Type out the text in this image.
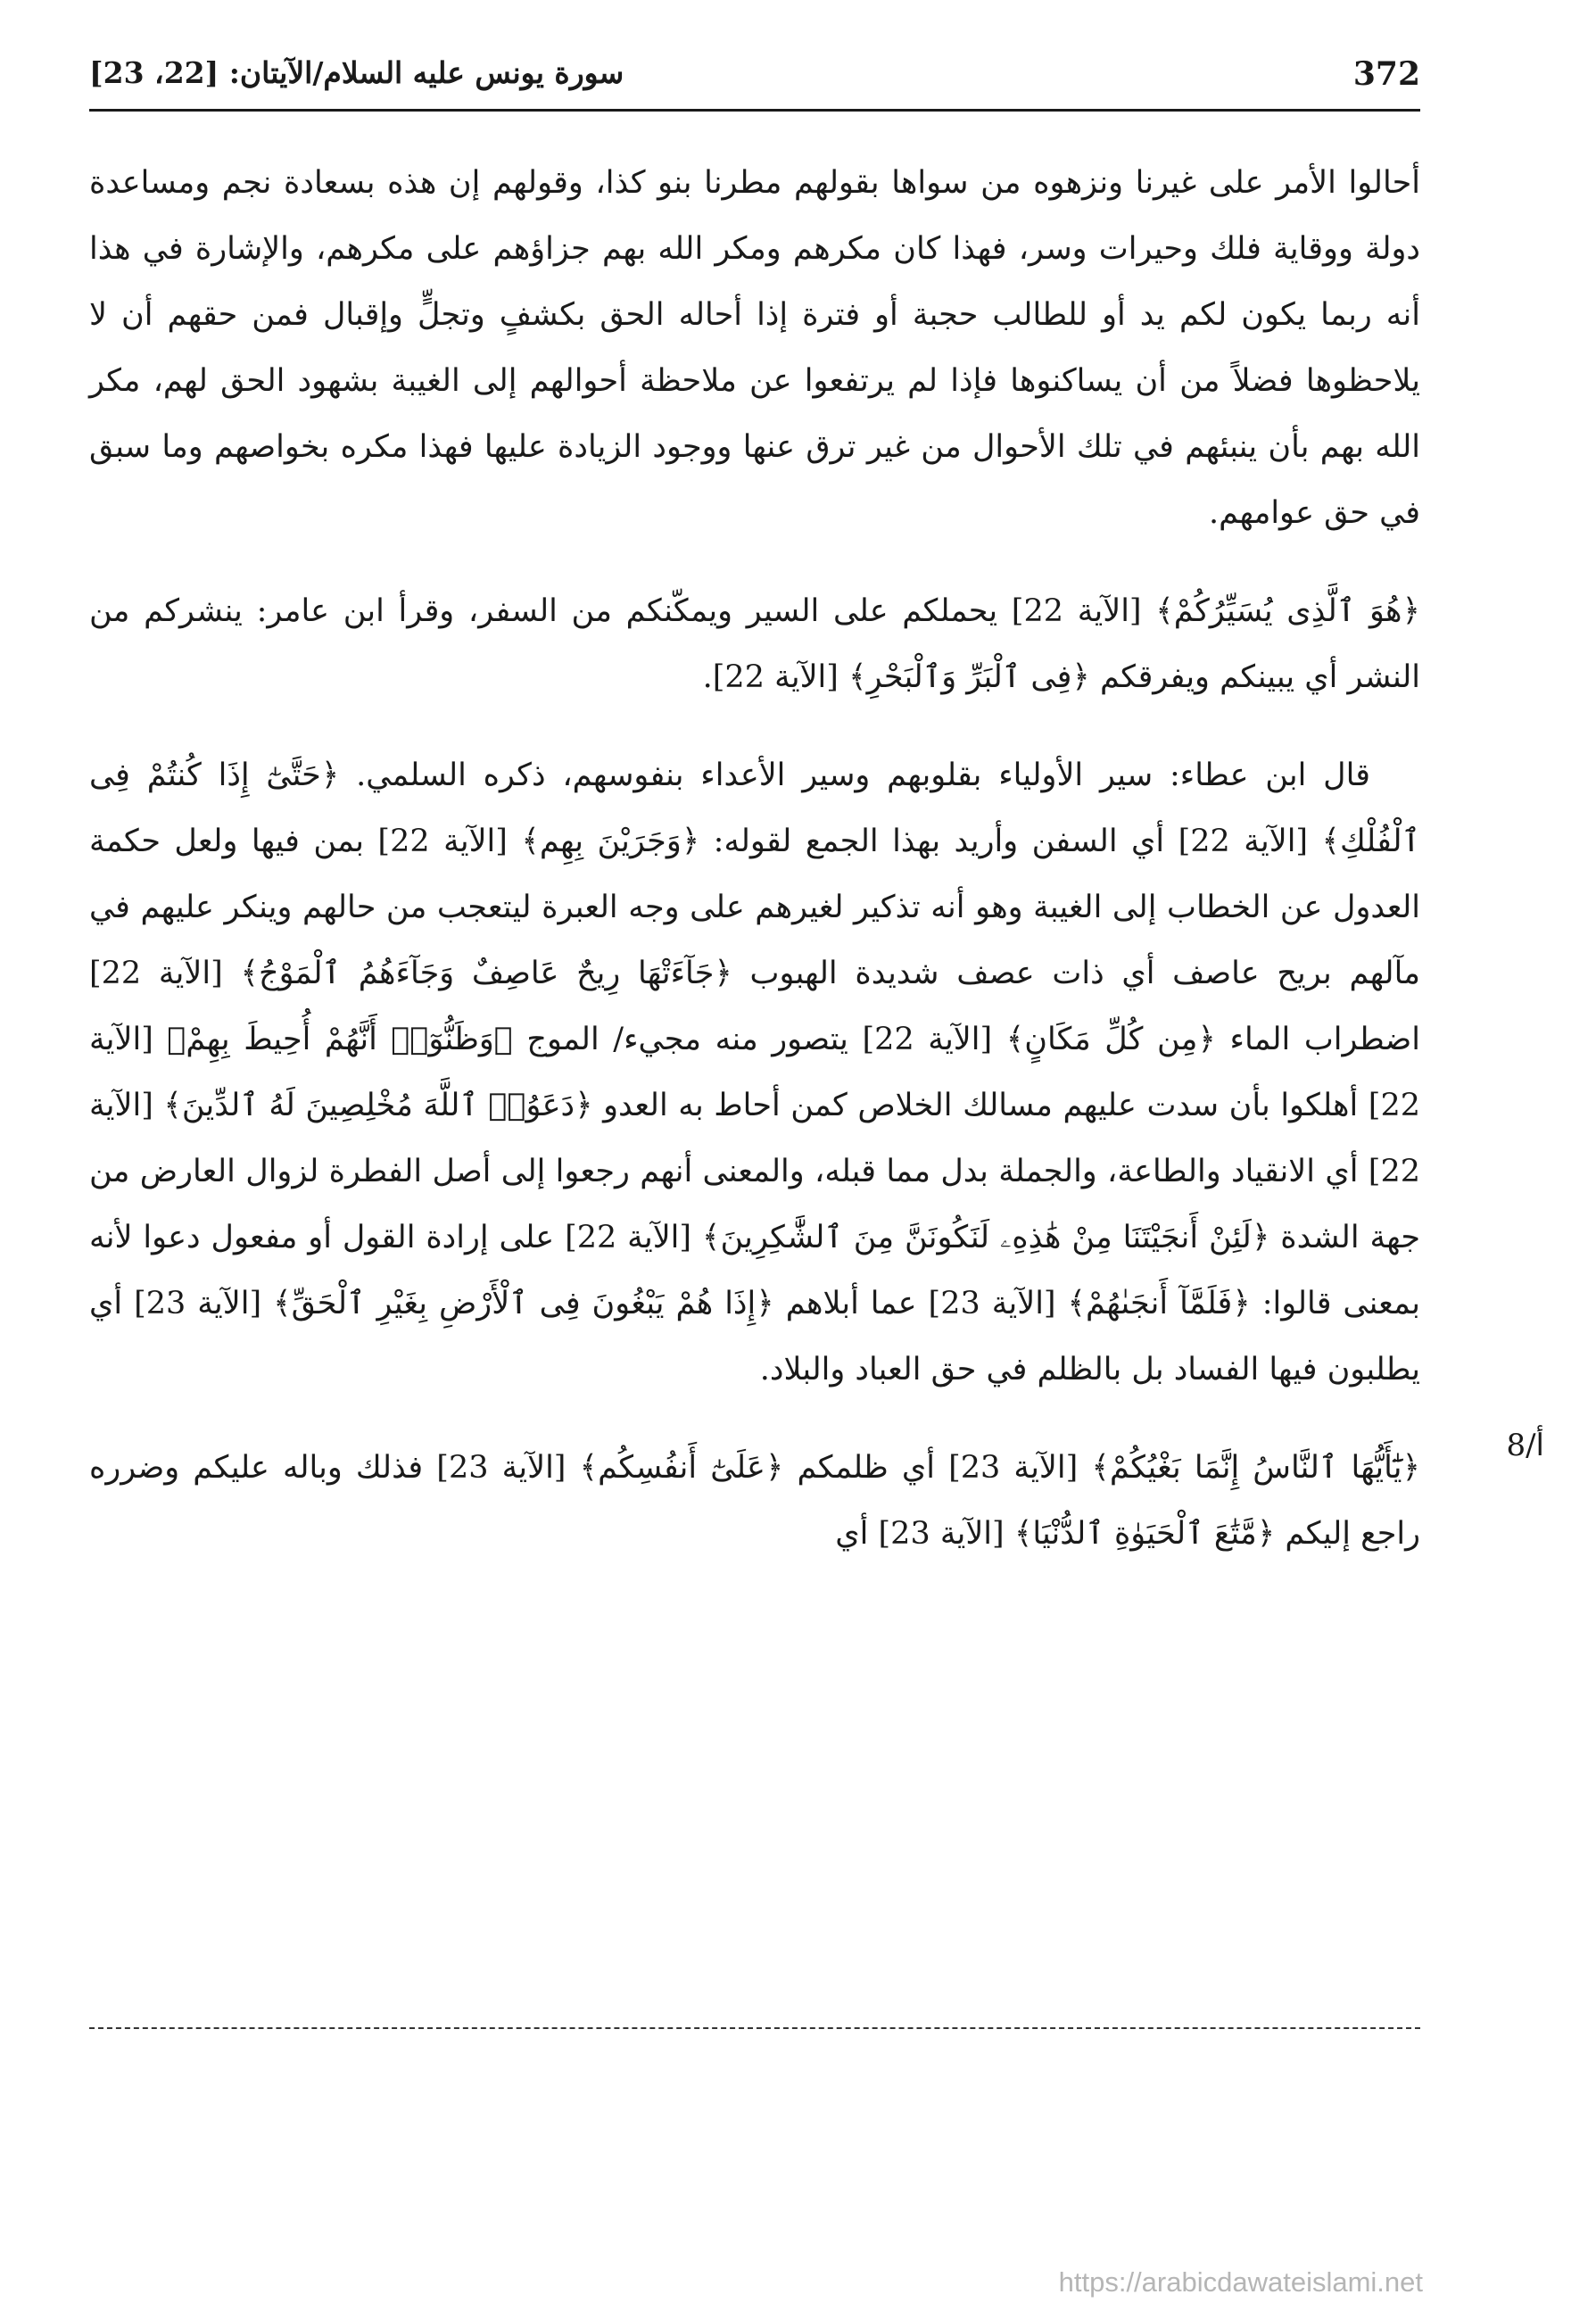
372
سورة يونس عليه السلام/الآيتان: [22، 23]

أحالوا الأمر على غيرنا ونزهوه من سواها بقولهم مطرنا بنو كذا، وقولهم إن هذه بسعادة نجم ومساعدة دولة ووقاية فلك وحيرات وسر، فهذا كان مكرهم ومكر الله بهم جزاؤهم على مكرهم، والإشارة في هذا أنه ربما يكون لكم يد أو للطالب حجبة أو فترة إذا أحاله الحق بكشفٍ وتجلٍّ وإقبال فمن حقهم أن لا يلاحظوها فضلاً من أن يساكنوها فإذا لم يرتفعوا عن ملاحظة أحوالهم إلى الغيبة بشهود الحق لهم، مكر الله بهم بأن ينبئهم في تلك الأحوال من غير ترق عنها ووجود الزيادة عليها فهذا مكره بخواصهم وما سبق في حق عوامهم.

﴿هُوَ ٱلَّذِى يُسَيِّرُكُمْ﴾ [الآية 22] يحملكم على السير ويمكّنكم من السفر، وقرأ ابن عامر: ينشركم من النشر أي يبينكم ويفرقكم ﴿فِى ٱلْبَرِّ وَٱلْبَحْرِ﴾ [الآية 22].

قال ابن عطاء: سير الأولياء بقلوبهم وسير الأعداء بنفوسهم، ذكره السلمي. ﴿حَتَّىٰٓ إِذَا كُنتُمْ فِى ٱلْفُلْكِ﴾ [الآية 22] أي السفن وأريد بهذا الجمع لقوله: ﴿وَجَرَيْنَ بِهِم﴾ [الآية 22] بمن فيها ولعل حكمة العدول عن الخطاب إلى الغيبة وهو أنه تذكير لغيرهم على وجه العبرة ليتعجب من حالهم وينكر عليهم في مآلهم بريح عاصف أي ذات عصف شديدة الهبوب ﴿جَآءَتْهَا رِيحٌ عَاصِفٌ وَجَآءَهُمُ ٱلْمَوْجُ﴾ [الآية 22] اضطراب الماء ﴿مِن كُلِّ مَكَانٍ﴾ [الآية 22] يتصور منه مجيء/ الموج ﴿وَظَنُّوٓا۟ أَنَّهُمْ أُحِيطَ بِهِمْ﴾ [الآية 22] أهلكوا بأن سدت عليهم مسالك الخلاص كمن أحاط به العدو ﴿دَعَوُا۟ ٱللَّهَ مُخْلِصِينَ لَهُ ٱلدِّينَ﴾ [الآية 22] أي الانقياد والطاعة، والجملة بدل مما قبله، والمعنى أنهم رجعوا إلى أصل الفطرة لزوال العارض من جهة الشدة ﴿لَئِنْ أَنجَيْتَنَا مِنْ هَٰذِهِۦ لَنَكُونَنَّ مِنَ ٱلشَّٰكِرِينَ﴾ [الآية 22] على إرادة القول أو مفعول دعوا لأنه بمعنى قالوا: ﴿فَلَمَّآ أَنجَىٰهُمْ﴾ [الآية 23] عما أبلاهم ﴿إِذَا هُمْ يَبْغُونَ فِى ٱلْأَرْضِ بِغَيْرِ ٱلْحَقِّ﴾ [الآية 23] أي يطلبون فيها الفساد بل بالظلم في حق العباد والبلاد.

﴿يَٰٓأَيُّهَا ٱلنَّاسُ إِنَّمَا بَغْيُكُمْ﴾ [الآية 23] أي ظلمكم ﴿عَلَىٰٓ أَنفُسِكُم﴾ [الآية 23] فذلك وباله عليكم وضرره راجع إليكم ﴿مَّتَٰعَ ٱلْحَيَوٰةِ ٱلدُّنْيَا﴾ [الآية 23] أي

8/أ
https://arabicdawateislami.net
